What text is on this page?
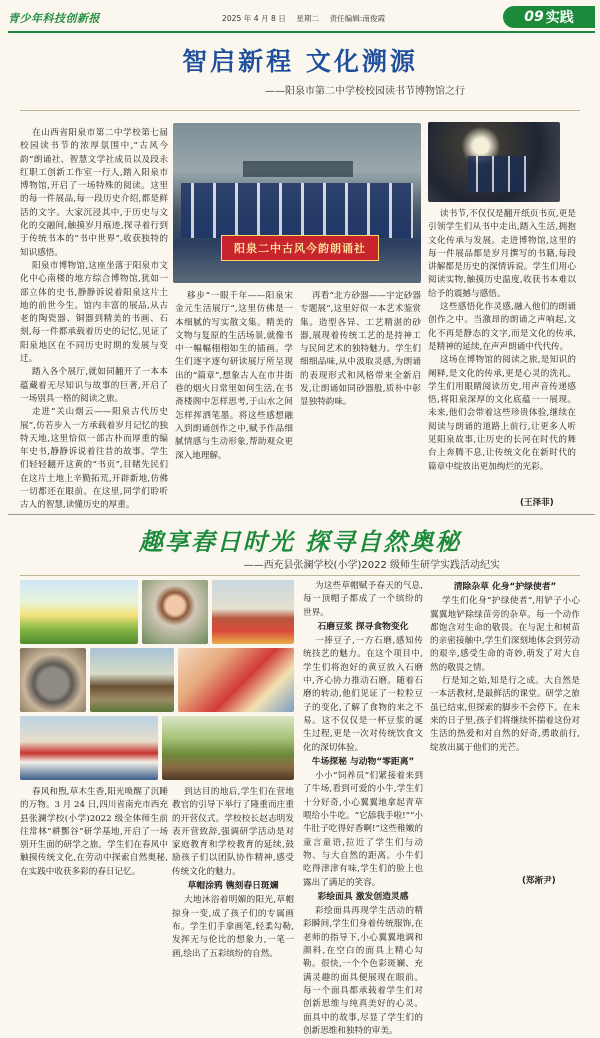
青少年科技创新报	2025 年 4 月 8 日 星期二 责任编辑:南俊霞	09 实践
智启新程 文化溯源
——阳泉市第二中学校校园读书节博物馆之行
阳泉二中古风今韵朗诵社

在山西省阳泉市第二中学校第七届校园读书节的浓厚氛围中,“古风今韵”朗诵社、智慧文学社成员以及段永红职工创新工作室一行人,踏入阳泉市博物馆,开启了一场特殊的阅读。这里的每一件展品,每一段历史介绍,都是鲜活的文字。大家沉浸其中,于历史与文化的交融间,触摸岁月痕迹,探寻着行到于传统书本的“书中世界”,收获独特的知识感悟。

阳泉市博物馆,这座坐落于阳泉市文化中心南楼的地方综合博物馆,犹如一部立体的史书,静静诉说着阳泉这片土地的前世今生。馆内丰富的展品,从古老的陶瓷器、铜器到精美的书画、石刻,每一件都承载着历史的记忆,见证了阳泉地区在不同历史时期的发展与变迁。

踏入各个展厅,就如同翻开了一本本蕴藏着无尽知识与故事的巨著,开启了一场别具一格的阅读之旅。

走进“关山烟云——阳泉古代历史展”,仿若步入一方承载着岁月记忆的独特天地,这里恰似一部古朴而厚重的编年史书,静静诉说着往昔的故事。学生们轻轻翻开这黄的“书页”,目睹先民们在这片土地上辛勤拓荒,开辟新地,仿佛一切都还在眼前。在这里,同学们聆听古人的智慧,读懂历史的厚重。

移步“一眼千年——阳泉宋金元生活展厅”,这里仿佛是一本细腻的写实散文集。精美的文物与复原的生活场景,就像书中一幅幅栩栩如生的插画。学生们逐字逐句研读展厅所呈现出的“篇章”,想象古人在市井街巷的烟火日常里如何生活,在书斋楼阁中怎样思考,于山水之间怎样挥洒笔墨。将这些感想融入到朗诵创作之中,赋予作品细腻情感与生动形象,帮助观众更深入地理解。

再看“北方砂器——宇定砂器专题展”,这里好似一本艺术鉴赏集。造型各异、工艺精湛的砂器,展现着传统工艺的是持神工与民间艺术的独特魅力。学生们细细品味,从中汲取灵感,为朗诵的表现形式和风格带来全新启发,让朗诵如同砂器般,质朴中彰显独特韵味。

读书节,不仅仅是翻开纸页书页,更是引领学生们从书中走出,踏入生活,拥抱文化传承与发展。走进博物馆,这里的每一件展品都是岁月撰写的书籍,每段讲解都是历史的深情诉说。学生们用心阅读实物,触摸历史温度,收获书本难以给予的震撼与感悟。

这些感悟化作灵感,融入他们的朗诵创作之中。当激昂的朗诵之声响起,文化不再是静态的文字,而是文化的传承,是精神的延续,在声声朗诵中代代传。

这场在博物馆的阅读之旅,是知识的阐释,是文化的传承,更是心灵的洗礼。学生们用眼睛阅读历史,用声音传递感悟,将阳泉深厚的文化底蕴一一展现。未来,他们会带着这些珍贵体验,继续在阅读与朗诵的道路上前行,让更多人听见阳泉故事,让历史的长河在时代的舞台上奔腾不息,让传统文化在新时代的篇章中绽放出更加绚烂的光彩。

(王泽菲)
趣享春日时光 探寻自然奥秘
——西充县张澜学校(小学)2022 级师生研学实践活动纪实

春风和煦,草木生香,阳光唤醒了沉睡的万物。3 月 24 日,四川省南充市西充县张澜学校(小学)2022 级全体师生前往常林“耕酆谷”研学基地,开启了一场别开生面的研学之旅。学生们在春风中触摸传统文化,在劳动中探索自然奥秘,在实践中收获多彩的春日记忆。

到达目的地后,学生们在营地教官的引导下举行了隆重而庄重的开营仪式。学校校长赵志明发表开营致辞,强调研学活动是对家庭教育和学校教育的延续,鼓励孩子们以团队协作精神,感受传统文化的魅力。

草帽涂鸦 镌刻春日斑斓

大地沐浴着明媚的阳光,草帽掠身一变,成了孩子们的专属画布。学生们手拿画笔,轻柔勾勒,发挥无与伦比的想象力,一笔一画,绘出了五彩缤纷的自然。

为这些草帽赋予春天的气息,每一顶帽子都成了一个缤纷的世界。

石磨豆浆 探寻食物变化

一捧豆子,一方石磨,感知传统技艺的魅力。在这个项目中,学生们将泡好的黄豆放入石磨中,齐心协力推动石磨。随着石磨的转动,他们见证了一粒粒豆子的变化,了解了食物的来之不易。这不仅仅是一杯豆浆的诞生过程,更是一次对传统饮食文化的深切体验。

牛场探秘 与动物“零距离”

小小“饲养员”们紧接着来到了牛场,看到可爱的小牛,学生们十分好奇,小心翼翼地拿起青草喂给小牛吃。“它舔我手啦!”“小牛肚子吃得好香啊!”这些稚嫩的童言童语,拉近了学生们与动物、与大自然的距离。小牛们吃得津津有味,学生们的脸上也露出了满足的笑容。

彩绘面具 激发创造灵感

彩绘面具再现学生活动的精彩瞬间,学生们身着传统服饰,在老师的指导下,小心翼翼地调和颜料,在空白的面具上精心勾勒。很快,一个个色彩斑斓、充满灵趣的面具便展现在眼前。每一个面具都承载着学生们对创新思维与纯真美好的心灵。面具中的故事,尽显了学生们的创新思维和独特的审美。

清除杂草 化身“护绿使者”

学生们化身“护绿使者”,用铲子小心翼翼地铲除绿苗旁的杂草。每一个动作都饱含对生命的敬畏。在与泥土和树苗的亲密接触中,学生们深刻地体会到劳动的艰辛,感受生命的奇妙,萌发了对大自然的敬畏之情。

行是知之始,知是行之成。大自然是一本活教材,是最鲜活的课堂。研学之旅虽已结束,但探索的脚步不会停下。在未来的日子里,孩子们将继续怀揣着这份对生活的热爱和对自然的好奇,勇敢前行,绽放出属于他们的光芒。

(郑淅尹)
